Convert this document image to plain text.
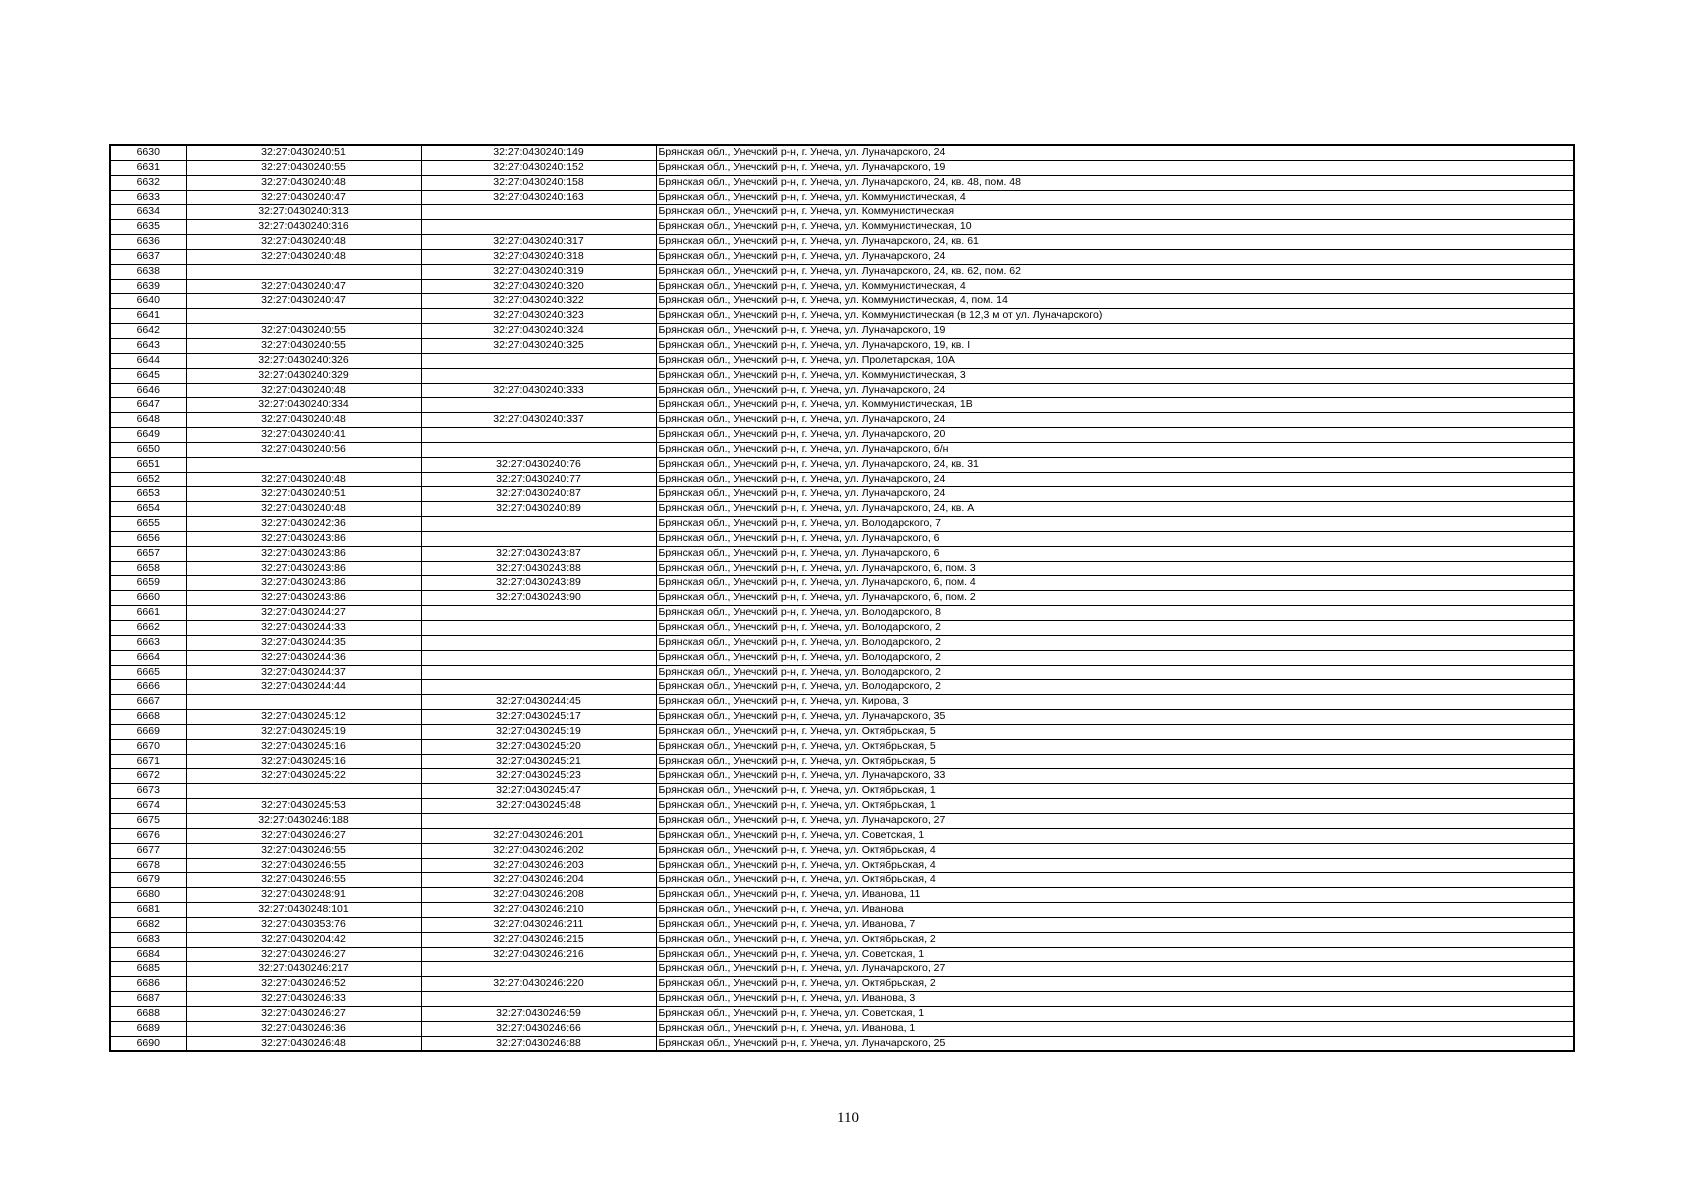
6630	32:27:0430240:51	32:27:0430240:149	Брянская обл., Унечский р-н, г. Унеча, ул. Луначарского, 24
6631	32:27:0430240:55	32:27:0430240:152	Брянская обл., Унечский р-н, г. Унеча, ул. Луначарского, 19
6632	32:27:0430240:48	32:27:0430240:158	Брянская обл., Унечский р-н, г. Унеча, ул. Луначарского, 24, кв. 48, пом. 48
6633	32:27:0430240:47	32:27:0430240:163	Брянская обл., Унечский р-н, г. Унеча, ул. Коммунистическая, 4
6634	32:27:0430240:313		Брянская обл., Унечский р-н, г. Унеча, ул. Коммунистическая
6635	32:27:0430240:316		Брянская обл., Унечский р-н, г. Унеча, ул. Коммунистическая, 10
6636	32:27:0430240:48	32:27:0430240:317	Брянская обл., Унечский р-н, г. Унеча, ул. Луначарского, 24, кв. 61
6637	32:27:0430240:48	32:27:0430240:318	Брянская обл., Унечский р-н, г. Унеча, ул. Луначарского, 24
6638		32:27:0430240:319	Брянская обл., Унечский р-н, г. Унеча, ул. Луначарского, 24, кв. 62, пом. 62
6639	32:27:0430240:47	32:27:0430240:320	Брянская обл., Унечский р-н, г. Унеча, ул. Коммунистическая, 4
6640	32:27:0430240:47	32:27:0430240:322	Брянская обл., Унечский р-н, г. Унеча, ул. Коммунистическая, 4, пом. 14
6641		32:27:0430240:323	Брянская обл., Унечский р-н, г. Унеча, ул. Коммунистическая (в 12,3 м от ул. Луначарского)
6642	32:27:0430240:55	32:27:0430240:324	Брянская обл., Унечский р-н, г. Унеча, ул. Луначарского, 19
6643	32:27:0430240:55	32:27:0430240:325	Брянская обл., Унечский р-н, г. Унеча, ул. Луначарского, 19, кв. I
6644	32:27:0430240:326		Брянская обл., Унечский р-н, г. Унеча, ул. Пролетарская, 10А
6645	32:27:0430240:329		Брянская обл., Унечский р-н, г. Унеча, ул. Коммунистическая, 3
6646	32:27:0430240:48	32:27:0430240:333	Брянская обл., Унечский р-н, г. Унеча, ул. Луначарского, 24
6647	32:27:0430240:334		Брянская обл., Унечский р-н, г. Унеча, ул. Коммунистическая, 1В
6648	32:27:0430240:48	32:27:0430240:337	Брянская обл., Унечский р-н, г. Унеча, ул. Луначарского, 24
6649	32:27:0430240:41		Брянская обл., Унечский р-н, г. Унеча, ул. Луначарского, 20
6650	32:27:0430240:56		Брянская обл., Унечский р-н, г. Унеча, ул. Луначарского, б/н
6651		32:27:0430240:76	Брянская обл., Унечский р-н, г. Унеча, ул. Луначарского, 24, кв. 31
6652	32:27:0430240:48	32:27:0430240:77	Брянская обл., Унечский р-н, г. Унеча, ул. Луначарского, 24
6653	32:27:0430240:51	32:27:0430240:87	Брянская обл., Унечский р-н, г. Унеча, ул. Луначарского, 24
6654	32:27:0430240:48	32:27:0430240:89	Брянская обл., Унечский р-н, г. Унеча, ул. Луначарского, 24, кв. А
6655	32:27:0430242:36		Брянская обл., Унечский р-н, г. Унеча, ул. Володарского, 7
6656	32:27:0430243:86		Брянская обл., Унечский р-н, г. Унеча, ул. Луначарского, 6
6657	32:27:0430243:86	32:27:0430243:87	Брянская обл., Унечский р-н, г. Унеча, ул. Луначарского, 6
6658	32:27:0430243:86	32:27:0430243:88	Брянская обл., Унечский р-н, г. Унеча, ул. Луначарского, 6, пом. 3
6659	32:27:0430243:86	32:27:0430243:89	Брянская обл., Унечский р-н, г. Унеча, ул. Луначарского, 6, пом. 4
6660	32:27:0430243:86	32:27:0430243:90	Брянская обл., Унечский р-н, г. Унеча, ул. Луначарского, 6, пом. 2
6661	32:27:0430244:27		Брянская обл., Унечский р-н, г. Унеча, ул. Володарского, 8
6662	32:27:0430244:33		Брянская обл., Унечский р-н, г. Унеча, ул. Володарского, 2
6663	32:27:0430244:35		Брянская обл., Унечский р-н, г. Унеча, ул. Володарского, 2
6664	32:27:0430244:36		Брянская обл., Унечский р-н, г. Унеча, ул. Володарского, 2
6665	32:27:0430244:37		Брянская обл., Унечский р-н, г. Унеча, ул. Володарского, 2
6666	32:27:0430244:44		Брянская обл., Унечский р-н, г. Унеча, ул. Володарского, 2
6667		32:27:0430244:45	Брянская обл., Унечский р-н, г. Унеча, ул. Кирова, 3
6668	32:27:0430245:12	32:27:0430245:17	Брянская обл., Унечский р-н, г. Унеча, ул. Луначарского, 35
6669	32:27:0430245:19	32:27:0430245:19	Брянская обл., Унечский р-н, г. Унеча, ул. Октябрьская, 5
6670	32:27:0430245:16	32:27:0430245:20	Брянская обл., Унечский р-н, г. Унеча, ул. Октябрьская, 5
6671	32:27:0430245:16	32:27:0430245:21	Брянская обл., Унечский р-н, г. Унеча, ул. Октябрьская, 5
6672	32:27:0430245:22	32:27:0430245:23	Брянская обл., Унечский р-н, г. Унеча, ул. Луначарского, 33
6673		32:27:0430245:47	Брянская обл., Унечский р-н, г. Унеча, ул. Октябрьская, 1
6674	32:27:0430245:53	32:27:0430245:48	Брянская обл., Унечский р-н, г. Унеча, ул. Октябрьская, 1
6675	32:27:0430246:188		Брянская обл., Унечский р-н, г. Унеча, ул. Луначарского, 27
6676	32:27:0430246:27	32:27:0430246:201	Брянская обл., Унечский р-н, г. Унеча, ул. Советская, 1
6677	32:27:0430246:55	32:27:0430246:202	Брянская обл., Унечский р-н, г. Унеча, ул. Октябрьская, 4
6678	32:27:0430246:55	32:27:0430246:203	Брянская обл., Унечский р-н, г. Унеча, ул. Октябрьская, 4
6679	32:27:0430246:55	32:27:0430246:204	Брянская обл., Унечский р-н, г. Унеча, ул. Октябрьская, 4
6680	32:27:0430248:91	32:27:0430246:208	Брянская обл., Унечский р-н, г. Унеча, ул. Иванова, 11
6681	32:27:0430248:101	32:27:0430246:210	Брянская обл., Унечский р-н, г. Унеча, ул. Иванова
6682	32:27:0430353:76	32:27:0430246:211	Брянская обл., Унечский р-н, г. Унеча, ул. Иванова, 7
6683	32:27:0430204:42	32:27:0430246:215	Брянская обл., Унечский р-н, г. Унеча, ул. Октябрьская, 2
6684	32:27:0430246:27	32:27:0430246:216	Брянская обл., Унечский р-н, г. Унеча, ул. Советская, 1
6685	32:27:0430246:217		Брянская обл., Унечский р-н, г. Унеча, ул. Луначарского, 27
6686	32:27:0430246:52	32:27:0430246:220	Брянская обл., Унечский р-н, г. Унеча, ул. Октябрьская, 2
6687	32:27:0430246:33		Брянская обл., Унечский р-н, г. Унеча, ул. Иванова, 3
6688	32:27:0430246:27	32:27:0430246:59	Брянская обл., Унечский р-н, г. Унеча, ул. Советская, 1
6689	32:27:0430246:36	32:27:0430246:66	Брянская обл., Унечский р-н, г. Унеча, ул. Иванова, 1
6690	32:27:0430246:48	32:27:0430246:88	Брянская обл., Унечский р-н, г. Унеча, ул. Луначарского, 25
110
